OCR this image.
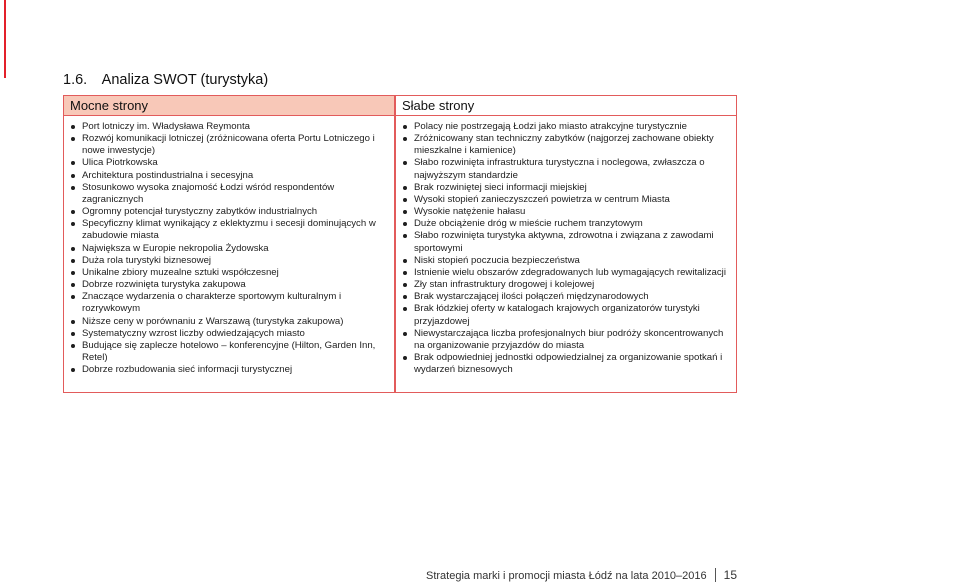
1.6. Analiza SWOT (turystyka)
Mocne strony
Port lotniczy im. Władysława Reymonta
Rozwój komunikacji lotniczej (zróżnicowana oferta Portu Lotniczego i nowe inwestycje)
Ulica Piotrkowska
Architektura postindustrialna i secesyjna
Stosunkowo wysoka znajomość Łodzi wśród respondentów zagranicznych
Ogromny potencjał turystyczny zabytków industrialnych
Specyficzny klimat wynikający z eklektyzmu i secesji dominujących w zabudowie miasta
Największa w Europie nekropolia Żydowska
Duża rola turystyki biznesowej
Unikalne zbiory muzealne sztuki współczesnej
Dobrze rozwinięta turystyka zakupowa
Znaczące wydarzenia o charakterze sportowym kulturalnym i rozrywkowym
Niższe ceny w porównaniu z Warszawą (turystyka zakupowa)
Systematyczny wzrost liczby odwiedzających miasto
Budujące się zaplecze hotelowo – konferencyjne (Hilton, Garden Inn, Retel)
Dobrze rozbudowania sieć informacji turystycznej
Słabe strony
Polacy nie postrzegają Łodzi jako miasto atrakcyjne turystycznie
Zróżnicowany stan techniczny zabytków (najgorzej zachowane obiekty mieszkalne i kamienice)
Słabo rozwinięta infrastruktura turystyczna i noclegowa, zwłaszcza o najwyższym standardzie
Brak rozwiniętej sieci informacji miejskiej
Wysoki stopień zanieczyszczeń powietrza w centrum Miasta
Wysokie natężenie hałasu
Duże obciążenie dróg w mieście ruchem tranzytowym
Słabo rozwinięta turystyka aktywna, zdrowotna i związana z zawodami sportowymi
Niski stopień poczucia bezpieczeństwa
Istnienie wielu obszarów zdegradowanych lub wymagających rewitalizacji
Zły stan infrastruktury drogowej i kolejowej
Brak wystarczającej ilości połączeń międzynarodowych
Brak łódzkiej oferty w katalogach krajowych organizatorów turystyki przyjazdowej
Niewystarczająca liczba profesjonalnych biur podróży skoncentrowanych na organizowanie przyjazdów do miasta
Brak odpowiedniej jednostki odpowiedzialnej za organizowanie spotkań i wydarzeń biznesowych
Strategia marki i promocji miasta Łódź na lata 2010–2016 15
